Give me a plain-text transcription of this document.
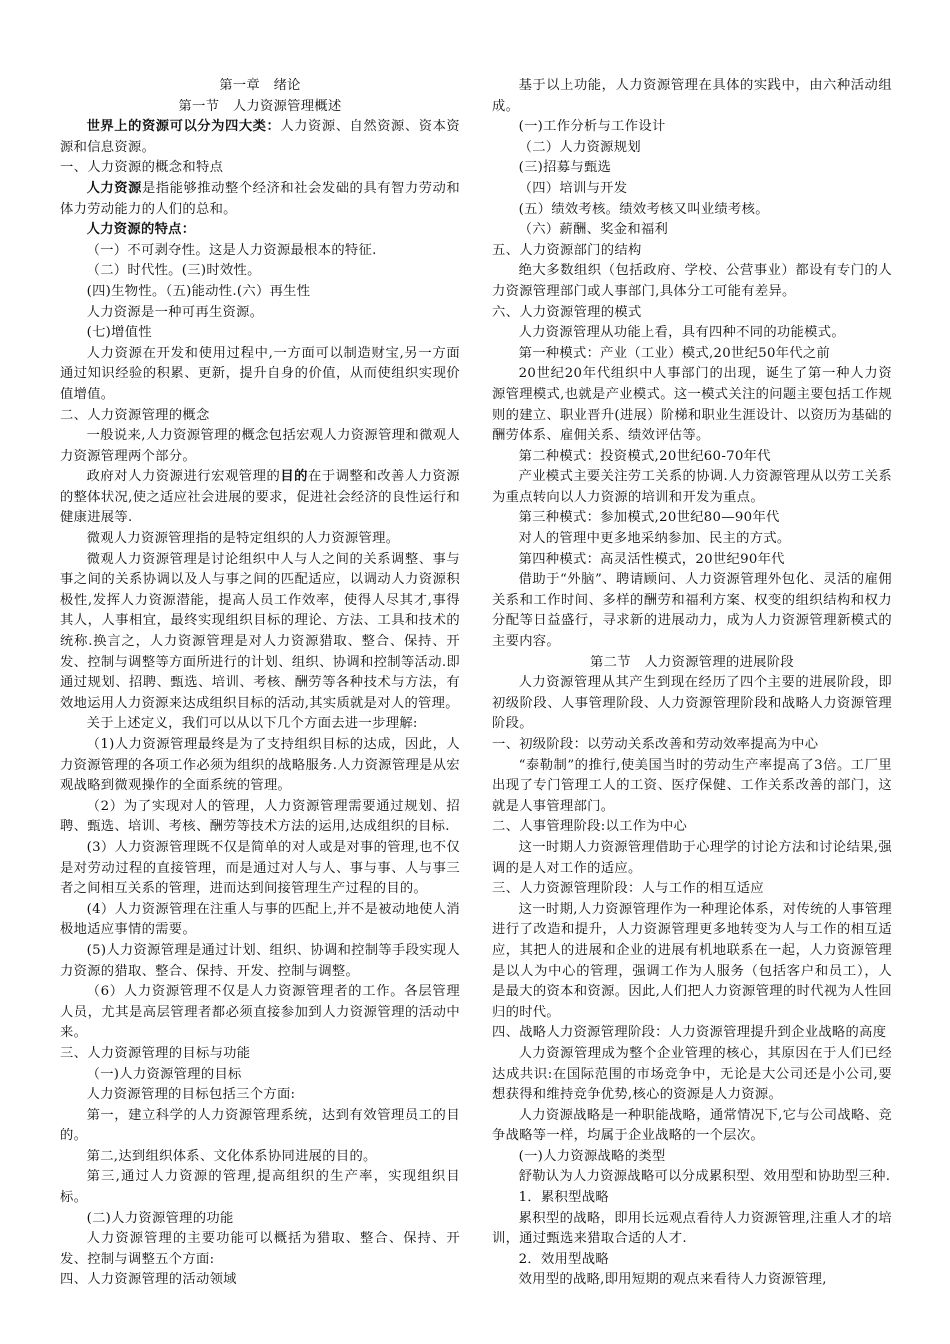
第一章　绪论

第一节　人力资源管理概述

世界上的资源可以分为四大类：人力资源、自然资源、资本资源和信息资源。

一、人力资源的概念和特点

人力资源是指能够推动整个经济和社会发础的具有智力劳动和体力劳动能力的人们的总和。

人力资源的特点：

（一）不可剥夺性。这是人力资源最根本的特征.

（二）时代性。(三)时效性。

(四)生物性。（五)能动性.(六）再生性

人力资源是一种可再生资源。

(七)增值性

人力资源在开发和使用过程中,一方面可以制造财宝,另一方面通过知识经验的积累、更新，提升自身的价值，从而使组织实现价值增值。

二、人力资源管理的概念

一般说来,人力资源管理的概念包括宏观人力资源管理和微观人力资源管理两个部分。

政府对人力资源进行宏观管理的目的在于调整和改善人力资源的整体状况,使之适应社会进展的要求，促进社会经济的良性运行和健康进展等.

微观人力资源管理指的是特定组织的人力资源管理。

微观人力资源管理是讨论组织中人与人之间的关系调整、事与事之间的关系协调以及人与事之间的匹配适应，以调动人力资源积极性,发挥人力资源潜能，提高人员工作效率，使得人尽其才,事得其人，人事相宜，最终实现组织目标的理论、方法、工具和技术的统称.换言之，人力资源管理是对人力资源猎取、整合、保持、开发、控制与调整等方面所进行的计划、组织、协调和控制等活动.即通过规划、招聘、甄选、培训、考核、酬劳等各种技术与方法，有效地运用人力资源来达成组织目标的活动,其实质就是对人的管理。

关于上述定义，我们可以从以下几个方面去进一步理解:

（1)人力资源管理最终是为了支持组织目标的达成，因此，人力资源管理的各项工作必须为组织的战略服务.人力资源管理是从宏观战略到微观操作的全面系统的管理。

（2）为了实现对人的管理，人力资源管理需要通过规划、招聘、甄选、培训、考核、酬劳等技术方法的运用,达成组织的目标.

(3）人力资源管理既不仅是简单的对人或是对事的管理,也不仅是对劳动过程的直接管理，而是通过对人与人、事与事、人与事三者之间相互关系的管理，进而达到间接管理生产过程的目的。

(4）人力资源管理在注重人与事的匹配上,并不是被动地使人消极地适应事情的需要。

(5)人力资源管理是通过计划、组织、协调和控制等手段实现人力资源的猎取、整合、保持、开发、控制与调整。

（6）人力资源管理不仅是人力资源管理者的工作。各层管理人员，尤其是高层管理者都必须直接参加到人力资源管理的活动中来。

三、人力资源管理的目标与功能

（一)人力资源管理的目标

人力资源管理的目标包括三个方面:

第一，建立科学的人力资源管理系统，达到有效管理员工的目的。

第二,达到组织体系、文化体系协同进展的目的。

第三,通过人力资源的管理,提高组织的生产率，实现组织目标。

(二)人力资源管理的功能

人力资源管理的主要功能可以概括为猎取、整合、保持、开发、控制与调整五个方面:

四、人力资源管理的活动领域

基于以上功能，人力资源管理在具体的实践中，由六种活动组成。

(一)工作分析与工作设计

（二）人力资源规划

(三)招募与甄选

（四）培训与开发

(五）绩效考核。绩效考核又叫业绩考核。

（六）薪酬、奖金和福利

五、人力资源部门的结构

绝大多数组织（包括政府、学校、公营事业）都设有专门的人力资源管理部门或人事部门,具体分工可能有差异。

六、人力资源管理的模式

人力资源管理从功能上看，具有四种不同的功能模式。

第一种模式：产业（工业）模式,20世纪50年代之前

20世纪20年代组织中人事部门的出现，诞生了第一种人力资源管理模式,也就是产业模式。这一模式关注的问题主要包括工作规则的建立、职业晋升(进展）阶梯和职业生涯设计、以资历为基础的酬劳体系、雇佣关系、绩效评估等。

第二种模式：投资模式,20世纪60-70年代

产业模式主要关注劳工关系的协调.人力资源管理从以劳工关系为重点转向以人力资源的培训和开发为重点。

第三种模式：参加模式,20世纪80—90年代

对人的管理中更多地采纳参加、民主的方式。

第四种模式：高灵活性模式，20世纪90年代

借助于“外脑”、聘请顾问、人力资源管理外包化、灵活的雇佣关系和工作时间、多样的酬劳和福利方案、权变的组织结构和权力分配等日益盛行，寻求新的进展动力，成为人力资源管理新模式的主要内容。

第二节　人力资源管理的进展阶段

人力资源管理从其产生到现在经历了四个主要的进展阶段，即初级阶段、人事管理阶段、人力资源管理阶段和战略人力资源管理阶段。

一、初级阶段：以劳动关系改善和劳动效率提高为中心

“泰勒制”的推行,使美国当时的劳动生产率提高了3倍。工厂里出现了专门管理工人的工资、医疗保健、工作关系改善的部门，这就是人事管理部门。

二、人事管理阶段:以工作为中心

这一时期人力资源管理借助于心理学的讨论方法和讨论结果,强调的是人对工作的适应。

三、人力资源管理阶段：人与工作的相互适应

这一时期,人力资源管理作为一种理论体系，对传统的人事管理进行了改造和提升，人力资源管理更多地转变为人与工作的相互适应，其把人的进展和企业的进展有机地联系在一起，人力资源管理是以人为中心的管理，强调工作为人服务（包括客户和员工），人是最大的资本和资源。因此,人们把人力资源管理的时代视为人性回归的时代。

四、战略人力资源管理阶段：人力资源管理提升到企业战略的高度

人力资源管理成为整个企业管理的核心，其原因在于人们已经达成共识:在国际范围的市场竞争中，无论是大公司还是小公司,要想获得和维持竞争优势,核心的资源是人力资源。

人力资源战略是一种职能战略，通常情况下,它与公司战略、竞争战略等一样，均属于企业战略的一个层次。

(一)人力资源战略的类型

舒勒认为人力资源战略可以分成累积型、效用型和协助型三种.

1．累积型战略

累积型的战略，即用长远观点看待人力资源管理,注重人才的培训，通过甄选来猎取合适的人才.

2．效用型战略

效用型的战略,即用短期的观点来看待人力资源管理,
